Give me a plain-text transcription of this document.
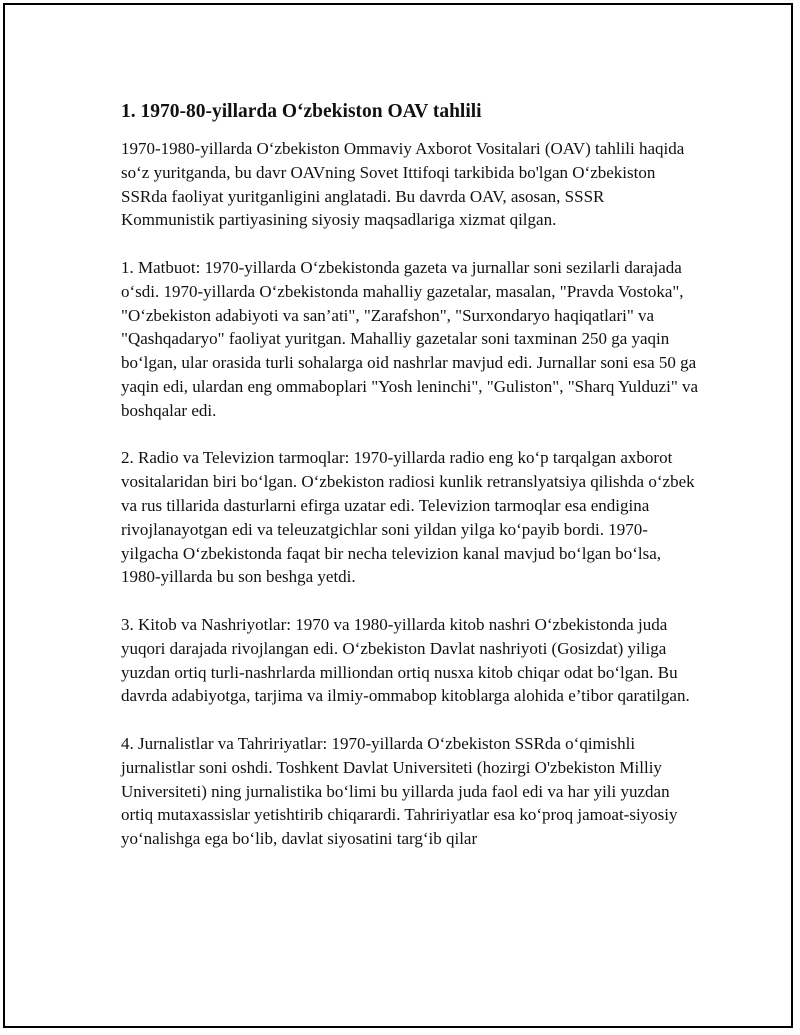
1. 1970-80-yillarda O‘zbekiston OAV tahlili

1970-1980-yillarda O‘zbekiston Ommaviy Axborot Vositalari (OAV) tahlili haqida so‘z yuritganda, bu davr OAVning Sovet Ittifoqi tarkibida bo'lgan O‘zbekiston SSRda faoliyat yuritganligini anglatadi. Bu davrda OAV, asosan, SSSR Kommunistik partiyasining siyosiy maqsadlariga xizmat qilgan.

1. Matbuot: 1970-yillarda O‘zbekistonda gazeta va jurnallar soni sezilarli darajada o‘sdi. 1970-yillarda O‘zbekistonda mahalliy gazetalar, masalan, "Pravda Vostoka", "O‘zbekiston adabiyoti va san’ati", "Zarafshon", "Surxondaryo haqiqatlari" va "Qashqadaryo" faoliyat yuritgan. Mahalliy gazetalar soni taxminan 250 ga yaqin bo‘lgan, ular orasida turli sohalarga oid nashrlar mavjud edi. Jurnallar soni esa 50 ga yaqin edi, ulardan eng ommaboplari "Yosh leninchi", "Guliston", "Sharq Yulduzi" va boshqalar edi.

2. Radio va Televizion tarmoqlar: 1970-yillarda radio eng ko‘p tarqalgan axborot vositalaridan biri bo‘lgan. O‘zbekiston radiosi kunlik retranslyatsiya qilishda o‘zbek va rus tillarida dasturlarni efirga uzatar edi. Televizion tarmoqlar esa endigina rivojlanayotgan edi va teleuzatgichlar soni yildan yilga ko‘payib bordi. 1970-yilgacha O‘zbekistonda faqat bir necha televizion kanal mavjud bo‘lgan bo‘lsa, 1980-yillarda bu son beshga yetdi.

3. Kitob va Nashriyotlar: 1970 va 1980-yillarda kitob nashri O‘zbekistonda juda yuqori darajada rivojlangan edi. O‘zbekiston Davlat nashriyoti (Gosizdat) yiliga yuzdan ortiq turli-nashrlarda milliondan ortiq nusxa kitob chiqar odat bo‘lgan. Bu davrda adabiyotga, tarjima va ilmiy-ommabop kitoblarga alohida e’tibor qaratilgan.

4. Jurnalistlar va Tahririyatlar: 1970-yillarda O‘zbekiston SSRda o‘qimishli jurnalistlar soni oshdi. Toshkent Davlat Universiteti (hozirgi O'zbekiston Milliy Universiteti) ning jurnalistika bo‘limi bu yillarda juda faol edi va har yili yuzdan ortiq mutaxassislar yetishtirib chiqarardi. Tahririyatlar esa ko‘proq jamoat-siyosiy yo‘nalishga ega bo‘lib, davlat siyosatini targ‘ib qilar
